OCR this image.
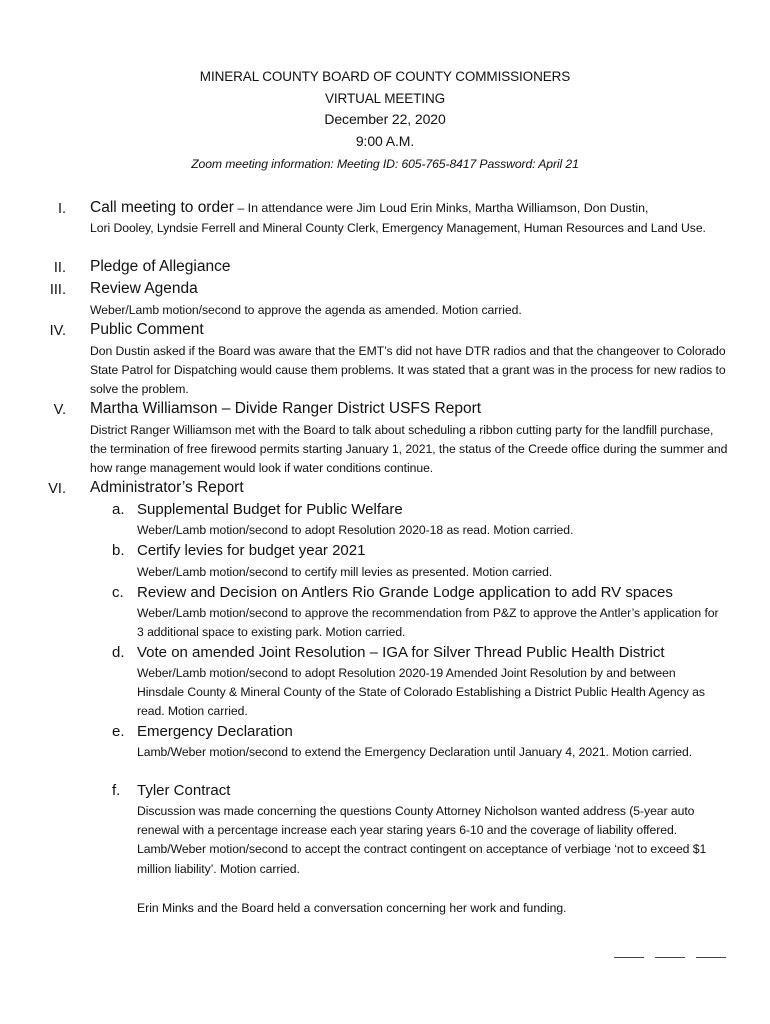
MINERAL COUNTY BOARD OF COUNTY COMMISSIONERS
VIRTUAL MEETING
December 22, 2020
9:00 A.M.
Zoom meeting information: Meeting ID: 605-765-8417 Password: April 21
I. Call meeting to order – In attendance were Jim Loud Erin Minks, Martha Williamson, Don Dustin,
Lori Dooley, Lyndsie Ferrell and Mineral County Clerk, Emergency Management, Human Resources and Land Use.
II. Pledge of Allegiance
III. Review Agenda
Weber/Lamb motion/second to approve the agenda as amended. Motion carried.
IV. Public Comment
Don Dustin asked if the Board was aware that the EMT’s did not have DTR radios and that the changeover to Colorado State Patrol for Dispatching would cause them problems. It was stated that a grant was in the process for new radios to solve the problem.
V. Martha Williamson – Divide Ranger District USFS Report
District Ranger Williamson met with the Board to talk about scheduling a ribbon cutting party for the landfill purchase, the termination of free firewood permits starting January 1, 2021, the status of the Creede office during the summer and how range management would look if water conditions continue.
VI. Administrator’s Report
a. Supplemental Budget for Public Welfare
Weber/Lamb motion/second to adopt Resolution 2020-18 as read. Motion carried.
b. Certify levies for budget year 2021
Weber/Lamb motion/second to certify mill levies as presented. Motion carried.
c. Review and Decision on Antlers Rio Grande Lodge application to add RV spaces
Weber/Lamb motion/second to approve the recommendation from P&Z to approve the Antler’s application for 3 additional space to existing park. Motion carried.
d. Vote on amended Joint Resolution – IGA for Silver Thread Public Health District
Weber/Lamb motion/second to adopt Resolution 2020-19 Amended Joint Resolution by and between Hinsdale County & Mineral County of the State of Colorado Establishing a District Public Health Agency as read. Motion carried.
e. Emergency Declaration
Lamb/Weber motion/second to extend the Emergency Declaration until January 4, 2021. Motion carried.
f. Tyler Contract
Discussion was made concerning the questions County Attorney Nicholson wanted address (5-year auto renewal with a percentage increase each year staring years 6-10 and the coverage of liability offered. Lamb/Weber motion/second to accept the contract contingent on acceptance of verbiage ‘not to exceed $1 million liability’. Motion carried.
Erin Minks and the Board held a conversation concerning her work and funding.
